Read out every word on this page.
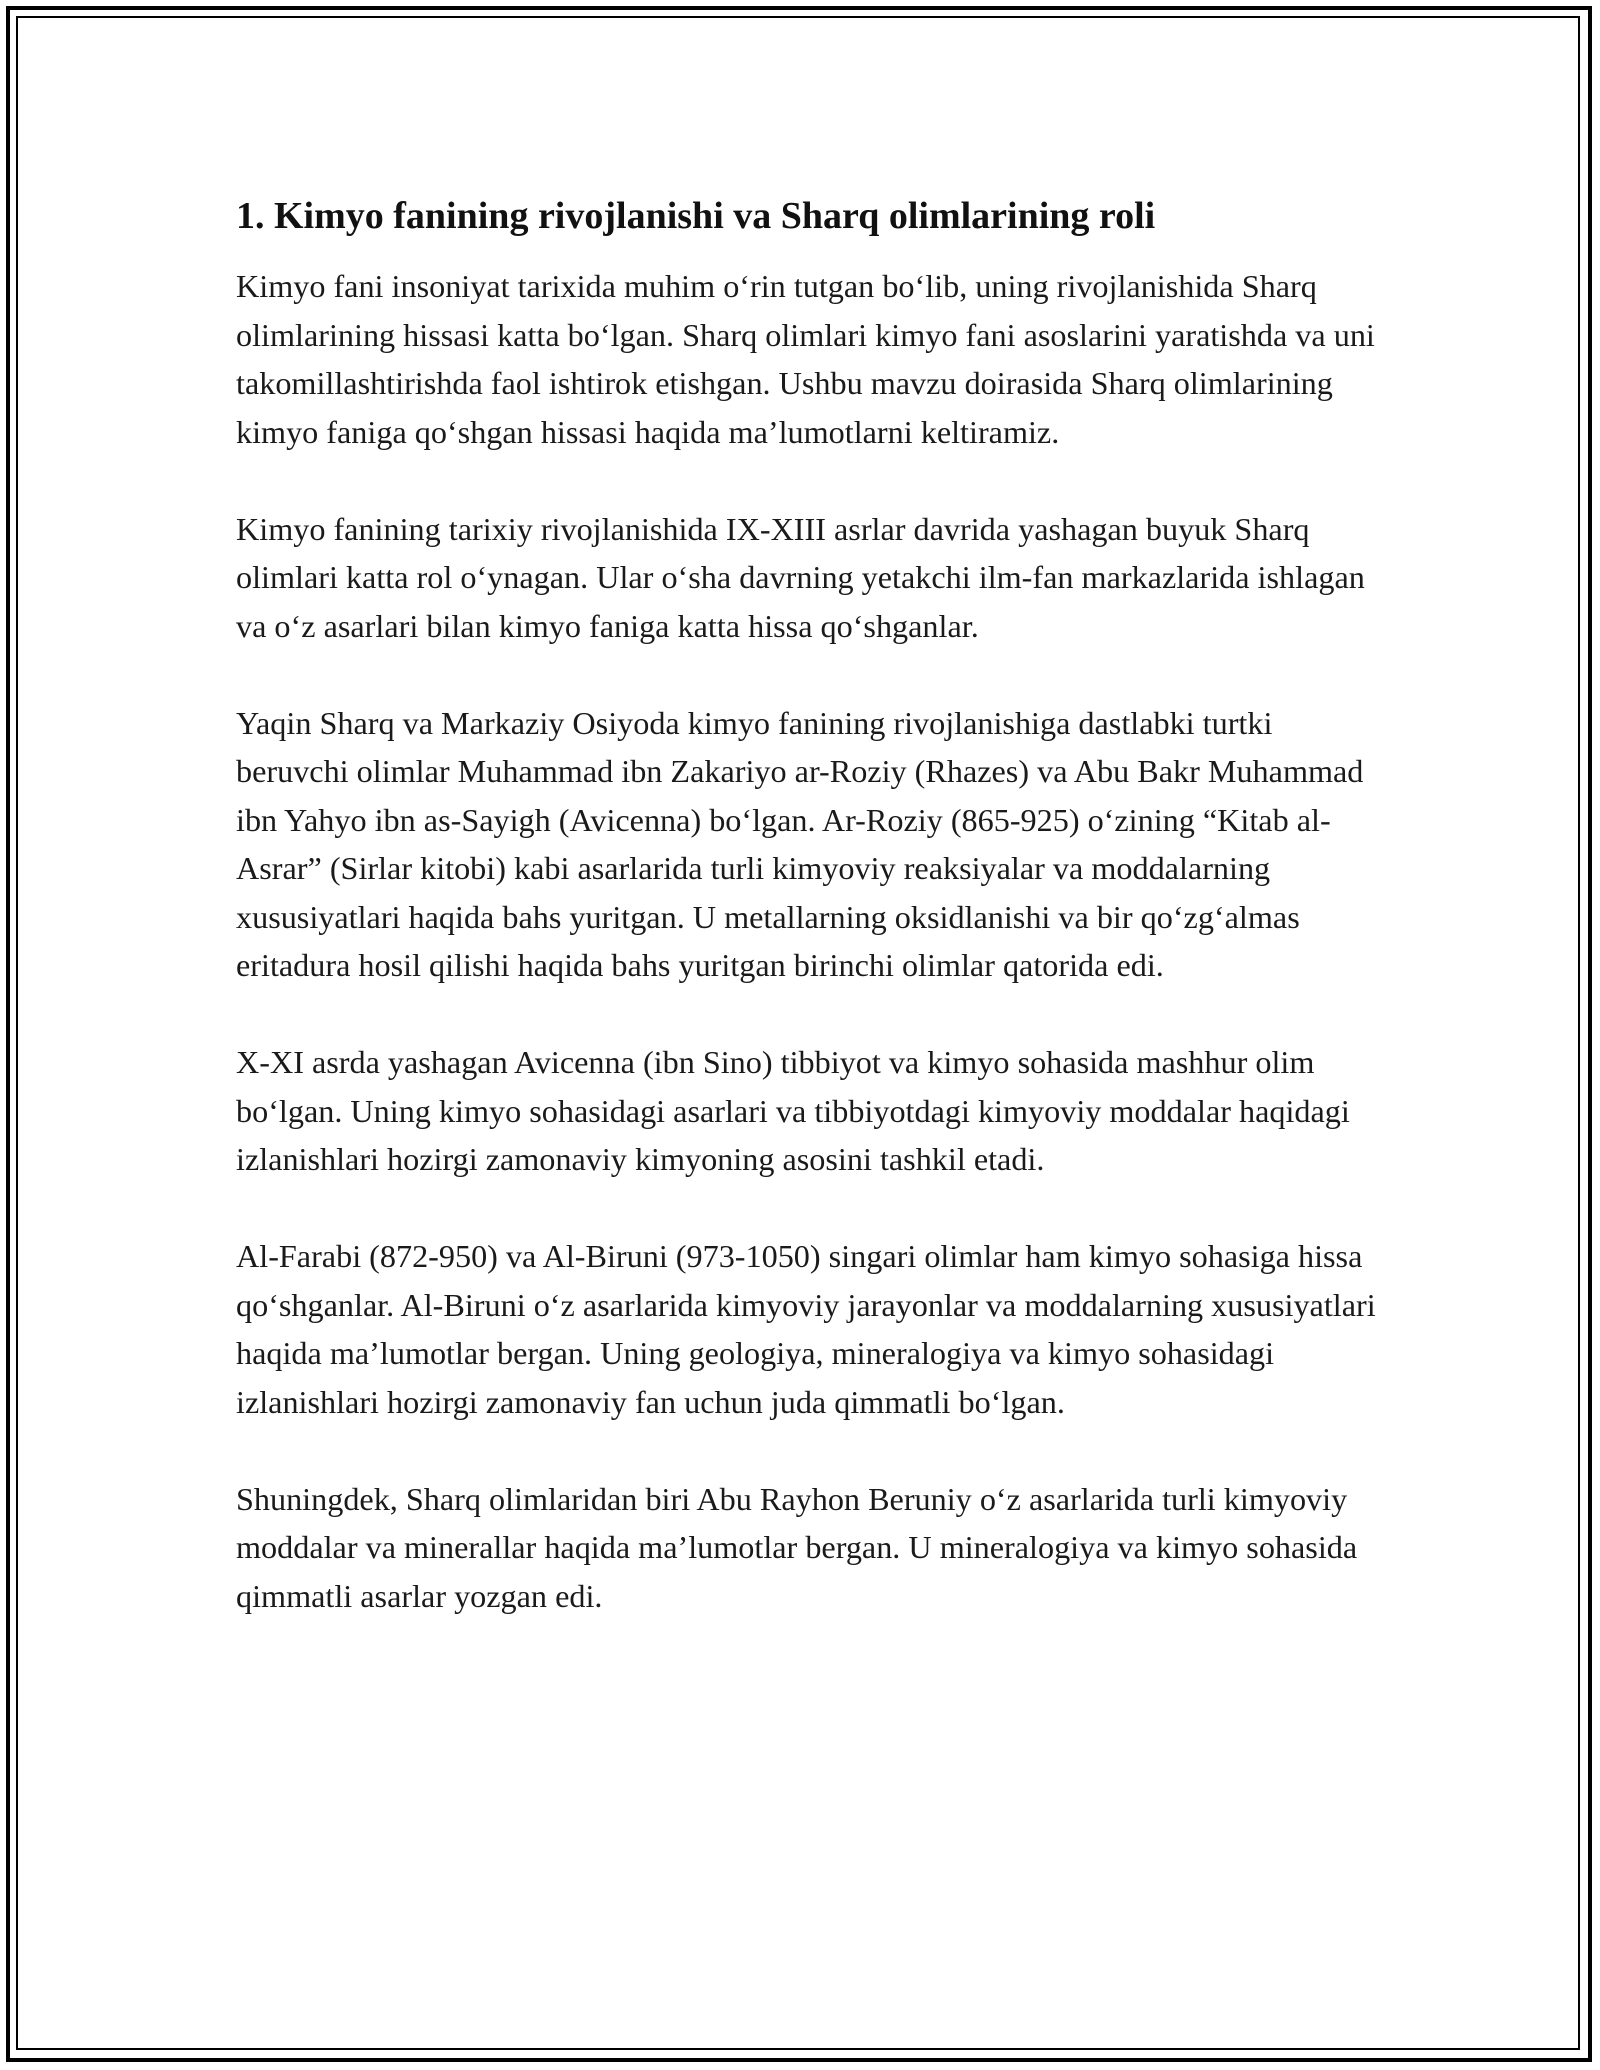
1. Kimyo fanining rivojlanishi va Sharq olimlarining roli

Kimyo fani insoniyat tarixida muhim o‘rin tutgan bo‘lib, uning rivojlanishida Sharq olimlarining hissasi katta bo‘lgan. Sharq olimlari kimyo fani asoslarini yaratishda va uni takomillashtirishda faol ishtirok etishgan. Ushbu mavzu doirasida Sharq olimlarining kimyo faniga qo‘shgan hissasi haqida ma’lumotlarni keltiramiz.

Kimyo fanining tarixiy rivojlanishida IX-XIII asrlar davrida yashagan buyuk Sharq olimlari katta rol o‘ynagan. Ular o‘sha davrning yetakchi ilm-fan markazlarida ishlagan va o‘z asarlari bilan kimyo faniga katta hissa qo‘shganlar.

Yaqin Sharq va Markaziy Osiyoda kimyo fanining rivojlanishiga dastlabki turtki beruvchi olimlar Muhammad ibn Zakariyo ar-Roziy (Rhazes) va Abu Bakr Muhammad ibn Yahyo ibn as-Sayigh (Avicenna) bo‘lgan. Ar-Roziy (865-925) o‘zining “Kitab al-Asrar” (Sirlar kitobi) kabi asarlarida turli kimyoviy reaksiyalar va moddalarning xususiyatlari haqida bahs yuritgan. U metallarning oksidlanishi va bir qo‘zg‘almas eritadura hosil qilishi haqida bahs yuritgan birinchi olimlar qatorida edi.

X-XI asrda yashagan Avicenna (ibn Sino) tibbiyot va kimyo sohasida mashhur olim bo‘lgan. Uning kimyo sohasidagi asarlari va tibbiyotdagi kimyoviy moddalar haqidagi izlanishlari hozirgi zamonaviy kimyoning asosini tashkil etadi.

Al-Farabi (872-950) va Al-Biruni (973-1050) singari olimlar ham kimyo sohasiga hissa qo‘shganlar. Al-Biruni o‘z asarlarida kimyoviy jarayonlar va moddalarning xususiyatlari haqida ma’lumotlar bergan. Uning geologiya, mineralogiya va kimyo sohasidagi izlanishlari hozirgi zamonaviy fan uchun juda qimmatli bo‘lgan.

Shuningdek, Sharq olimlaridan biri Abu Rayhon Beruniy o‘z asarlarida turli kimyoviy moddalar va minerallar haqida ma’lumotlar bergan. U mineralogiya va kimyo sohasida qimmatli asarlar yozgan edi.
